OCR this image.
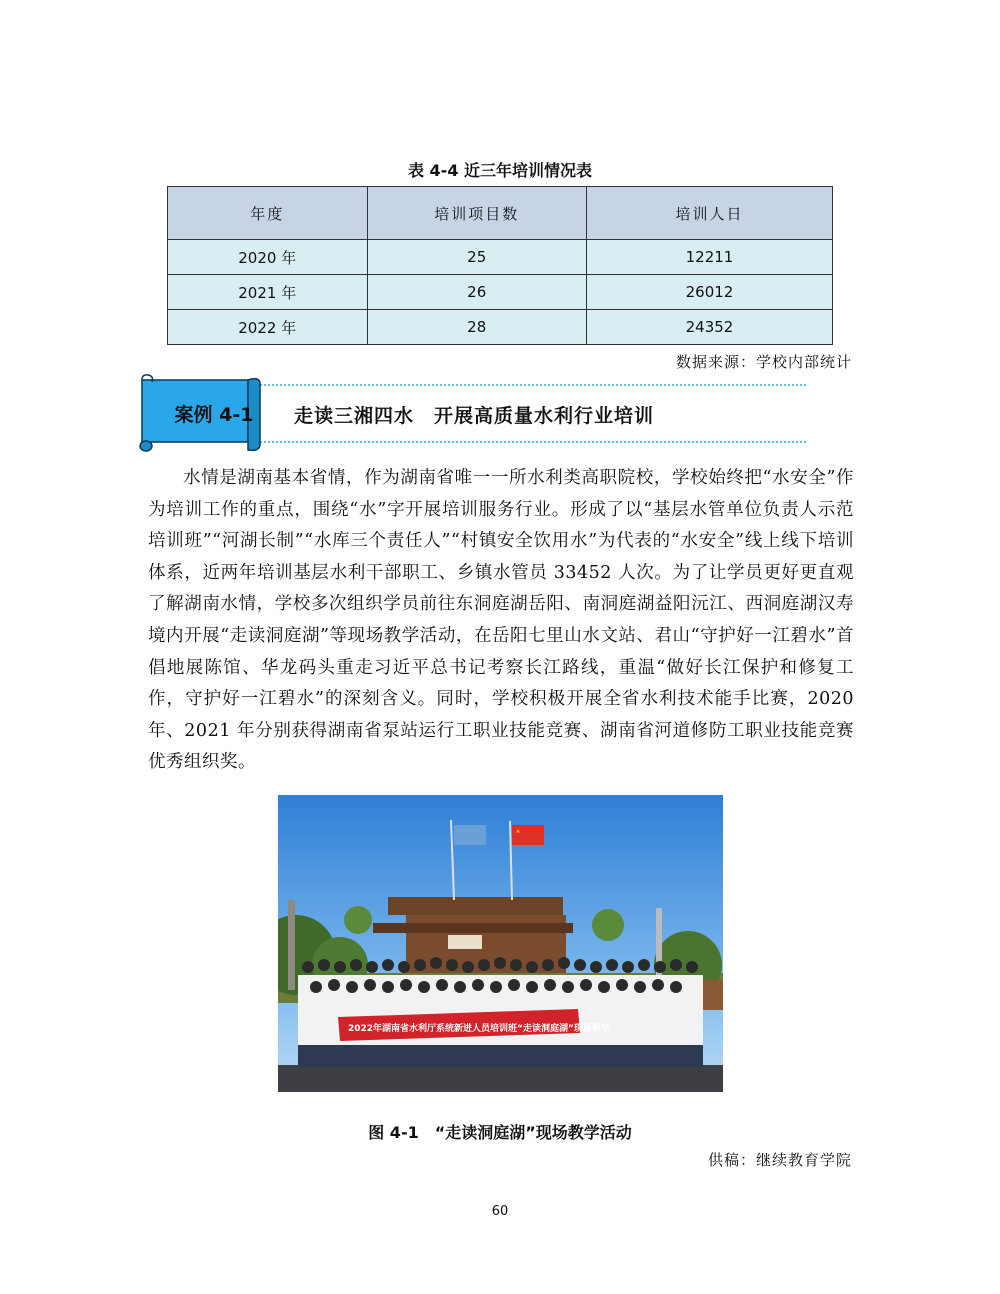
表 4-4 近三年培训情况表
年度	培训项目数	培训人日
2020 年	25	12211
2021 年	26	26012
2022 年	28	24352
数据来源：学校内部统计
案例 4-1	走读三湘四水　开展高质量水利行业培训

水情是湖南基本省情，作为湖南省唯一一所水利类高职院校，学校始终把“水安全”作为培训工作的重点，围绕“水”字开展培训服务行业。形成了以“基层水管单位负责人示范培训班”“河湖长制”“水库三个责任人”“村镇安全饮用水”为代表的“水安全”线上线下培训体系，近两年培训基层水利干部职工、乡镇水管员 33452 人次。为了让学员更好更直观了解湖南水情，学校多次组织学员前往东洞庭湖岳阳、南洞庭湖益阳沅江、西洞庭湖汉寿境内开展“走读洞庭湖”等现场教学活动，在岳阳七里山水文站、君山“守护好一江碧水”首倡地展陈馆、华龙码头重走习近平总书记考察长江路线，重温“做好长江保护和修复工作，守护好一江碧水”的深刻含义。同时，学校积极开展全省水利技术能手比赛，2020 年、2021 年分别获得湖南省泵站运行工职业技能竞赛、湖南省河道修防工职业技能竞赛优秀组织奖。

2022年湖南省水利厅系统新进人员培训班“走读洞庭湖”现场教学
图 4-1　“走读洞庭湖”现场教学活动
供稿：继续教育学院
60
